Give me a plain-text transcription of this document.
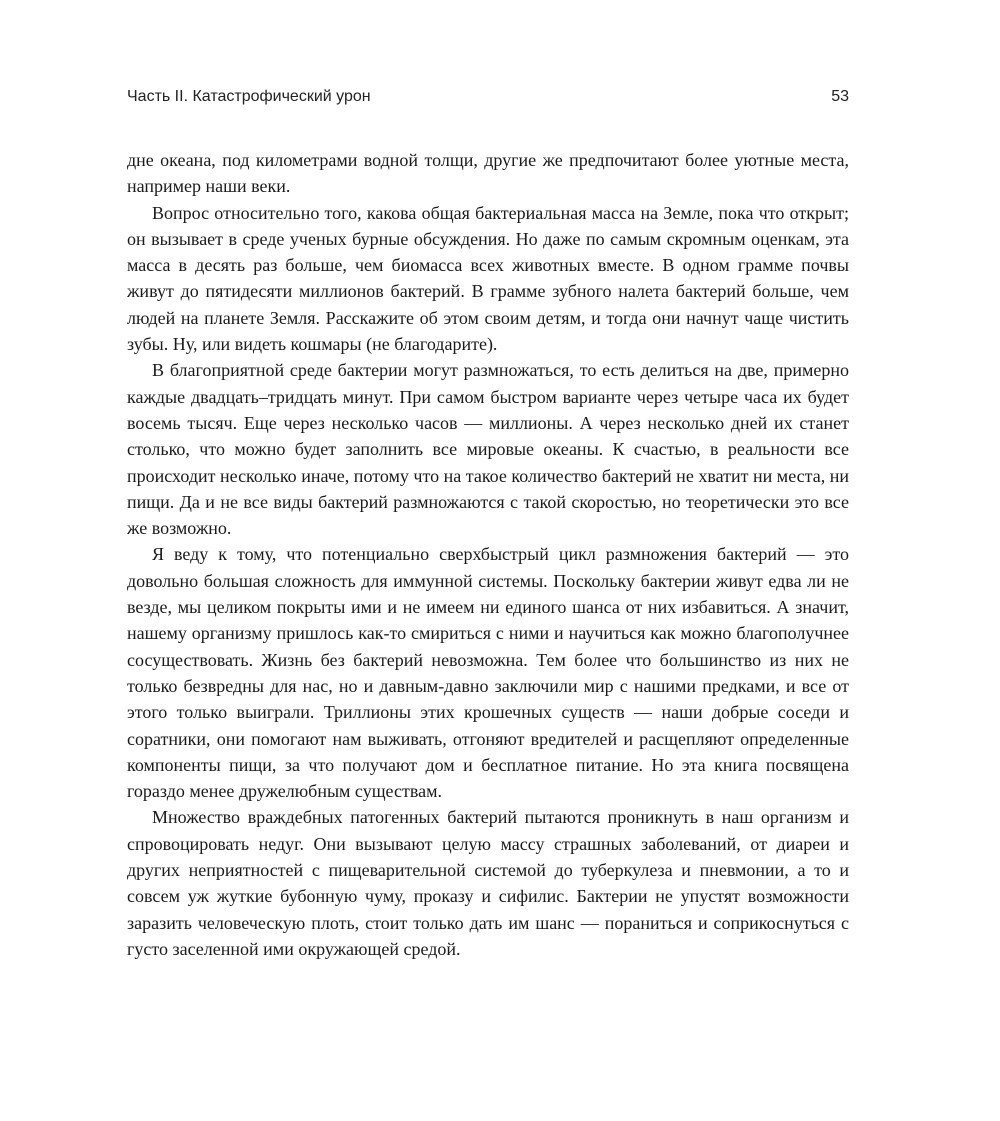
Часть II. Катастрофический урон	53

дне океана, под километрами водной толщи, другие же предпочитают более уютные места, например наши веки.

Вопрос относительно того, какова общая бактериальная масса на Земле, пока что открыт; он вызывает в среде ученых бурные обсуждения. Но даже по самым скромным оценкам, эта масса в десять раз больше, чем биомасса всех животных вместе. В одном грамме почвы живут до пятидесяти миллионов бактерий. В грамме зубного налета бактерий больше, чем людей на планете Земля. Расскажите об этом своим детям, и тогда они начнут чаще чистить зубы. Ну, или видеть кошмары (не благодарите).

В благоприятной среде бактерии могут размножаться, то есть делиться на две, примерно каждые двадцать–тридцать минут. При самом быстром варианте через четыре часа их будет восемь тысяч. Еще через несколько часов — миллионы. А через несколько дней их станет столько, что можно будет заполнить все мировые океаны. К счастью, в реальности все происходит несколько иначе, потому что на такое количество бактерий не хватит ни места, ни пищи. Да и не все виды бактерий размножаются с такой скоростью, но теоретически это все же возможно.

Я веду к тому, что потенциально сверхбыстрый цикл размножения бактерий — это довольно большая сложность для иммунной системы. Поскольку бактерии живут едва ли не везде, мы целиком покрыты ими и не имеем ни единого шанса от них избавиться. А значит, нашему организму пришлось как-то смириться с ними и научиться как можно благополучнее сосуществовать. Жизнь без бактерий невозможна. Тем более что большинство из них не только безвредны для нас, но и давным-давно заключили мир с нашими предками, и все от этого только выиграли. Триллионы этих крошечных существ — наши добрые соседи и соратники, они помогают нам выживать, отгоняют вредителей и расщепляют определенные компоненты пищи, за что получают дом и бесплатное питание. Но эта книга посвящена гораздо менее дружелюбным существам.

Множество враждебных патогенных бактерий пытаются проникнуть в наш организм и спровоцировать недуг. Они вызывают целую массу страшных заболеваний, от диареи и других неприятностей с пищеварительной системой до туберкулеза и пневмонии, а то и совсем уж жуткие бубонную чуму, проказу и сифилис. Бактерии не упустят возможности заразить человеческую плоть, стоит только дать им шанс — пораниться и соприкоснуться с густо заселенной ими окружающей средой.
